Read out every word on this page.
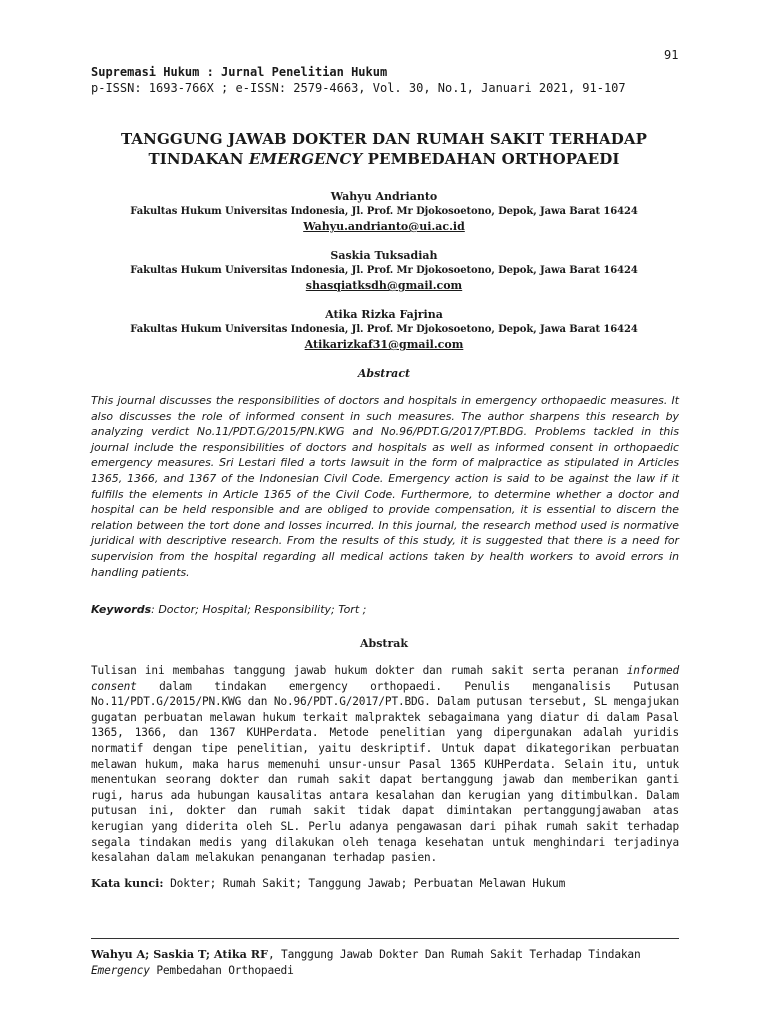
91
Supremasi Hukum : Jurnal Penelitian Hukum
p-ISSN: 1693-766X ; e-ISSN: 2579-4663, Vol. 30, No.1, Januari 2021, 91-107
TANGGUNG JAWAB DOKTER DAN RUMAH SAKIT TERHADAP
TINDAKAN EMERGENCY PEMBEDAHAN ORTHOPAEDI
Wahyu Andrianto
Fakultas Hukum Universitas Indonesia, Jl. Prof. Mr Djokosoetono, Depok, Jawa Barat 16424
Wahyu.andrianto@ui.ac.id
Saskia Tuksadiah
Fakultas Hukum Universitas Indonesia, Jl. Prof. Mr Djokosoetono, Depok, Jawa Barat 16424
shasqiatksdh@gmail.com
Atika Rizka Fajrina
Fakultas Hukum Universitas Indonesia, Jl. Prof. Mr Djokosoetono, Depok, Jawa Barat 16424
Atikarizkaf31@gmail.com
Abstract
This journal discusses the responsibilities of doctors and hospitals in emergency orthopaedic measures. It also discusses the role of informed consent in such measures. The author sharpens this research by analyzing verdict No.11/PDT.G/2015/PN.KWG and No.96/PDT.G/2017/PT.BDG. Problems tackled in this journal include the responsibilities of doctors and hospitals as well as informed consent in orthopaedic emergency measures. Sri Lestari filed a torts lawsuit in the form of malpractice as stipulated in Articles 1365, 1366, and 1367 of the Indonesian Civil Code. Emergency action is said to be against the law if it fulfills the elements in Article 1365 of the Civil Code. Furthermore, to determine whether a doctor and hospital can be held responsible and are obliged to provide compensation, it is essential to discern the relation between the tort done and losses incurred. In this journal, the research method used is normative juridical with descriptive research. From the results of this study, it is suggested that there is a need for supervision from the hospital regarding all medical actions taken by health workers to avoid errors in handling patients.
Keywords: Doctor; Hospital; Responsibility; Tort ;
Abstrak
Tulisan ini membahas tanggung jawab hukum dokter dan rumah sakit serta peranan informed consent dalam tindakan emergency orthopaedi. Penulis menganalisis Putusan No.11/PDT.G/2015/PN.KWG dan No.96/PDT.G/2017/PT.BDG. Dalam putusan tersebut, SL mengajukan gugatan perbuatan melawan hukum terkait malpraktek sebagaimana yang diatur di dalam Pasal 1365, 1366, dan 1367 KUHPerdata. Metode penelitian yang dipergunakan adalah yuridis normatif dengan tipe penelitian, yaitu deskriptif. Untuk dapat dikategorikan perbuatan melawan hukum, maka harus memenuhi unsur-unsur Pasal 1365 KUHPerdata. Selain itu, untuk menentukan seorang dokter dan rumah sakit dapat bertanggung jawab dan memberikan ganti rugi, harus ada hubungan kausalitas antara kesalahan dan kerugian yang ditimbulkan. Dalam putusan ini, dokter dan rumah sakit tidak dapat dimintakan pertanggungjawaban atas kerugian yang diderita oleh SL. Perlu adanya pengawasan dari pihak rumah sakit terhadap segala tindakan medis yang dilakukan oleh tenaga kesehatan untuk menghindari terjadinya kesalahan dalam melakukan penanganan terhadap pasien.
Kata kunci: Dokter; Rumah Sakit; Tanggung Jawab; Perbuatan Melawan Hukum
Wahyu A; Saskia T; Atika RF, Tanggung Jawab Dokter Dan Rumah Sakit Terhadap Tindakan
Emergency Pembedahan Orthopaedi
